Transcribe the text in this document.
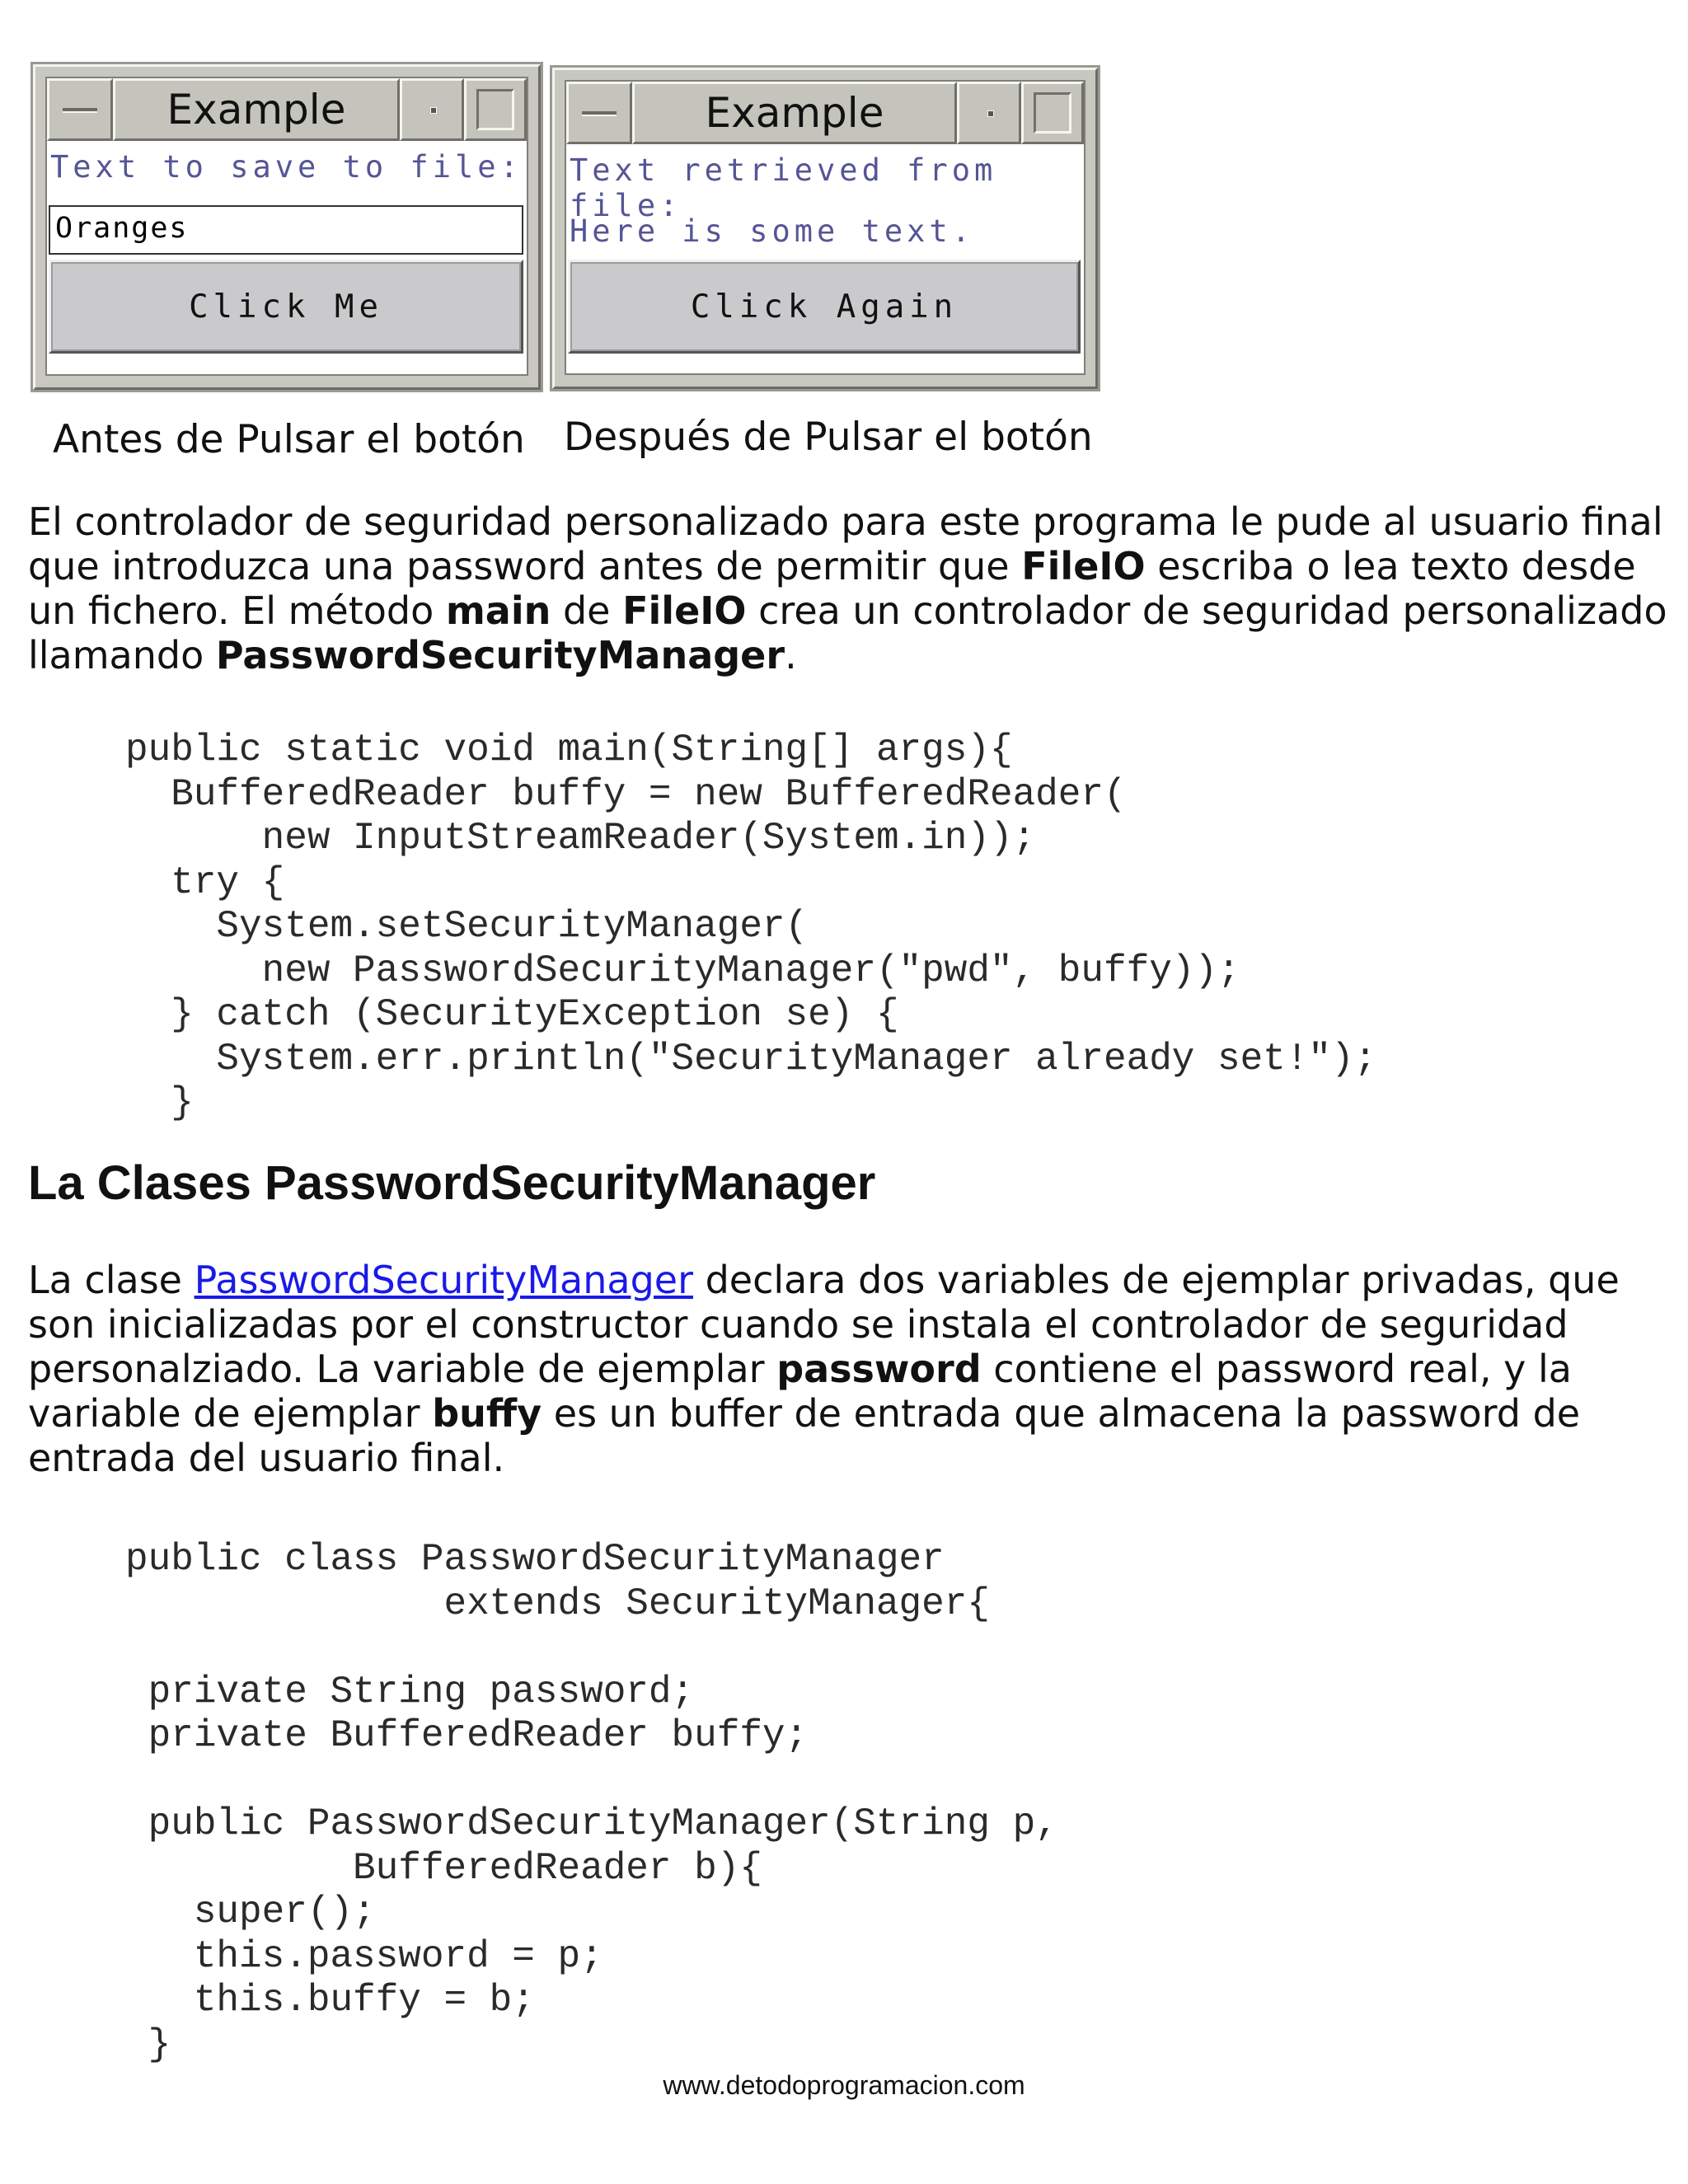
Example
Text to save to file:
Oranges
Click Me
Antes de Pulsar el botón
Example
Text retrieved from file:
Here is some text.
Click Again
Después de Pulsar el botón
El controlador de seguridad personalizado para este programa le pude al usuario final que introduzca una password antes de permitir que FileIO escriba o lea texto desde un fichero. El método main de FileIO crea un controlador de seguridad personalizado llamando PasswordSecurityManager.
public static void main(String[] args){
BufferedReader buffy = new BufferedReader(
new InputStreamReader(System.in));
try {
System.setSecurityManager(
new PasswordSecurityManager("pwd", buffy));
} catch (SecurityException se) {
System.err.println("SecurityManager already set!");
}
La Clases PasswordSecurityManager
La clase PasswordSecurityManager declara dos variables de ejemplar privadas, que son inicializadas por el constructor cuando se instala el controlador de seguridad personalziado. La variable de ejemplar password contiene el password real, y la variable de ejemplar buffy es un buffer de entrada que almacena la password de entrada del usuario final.
public class PasswordSecurityManager
extends SecurityManager{

private String password;
private BufferedReader buffy;

public PasswordSecurityManager(String p,
BufferedReader b){
super();
this.password = p;
this.buffy = b;
}
www.detodoprogramacion.com
